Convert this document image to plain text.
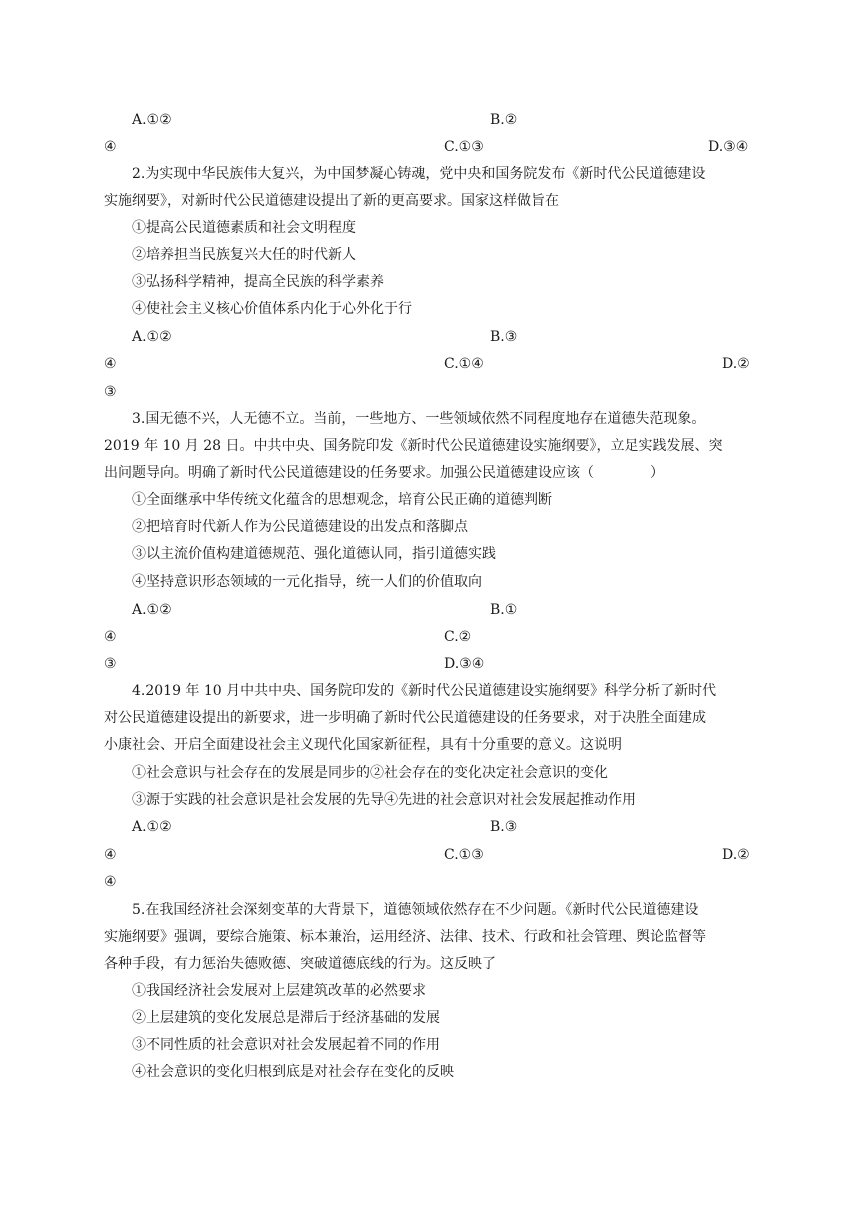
A.①②	B.②
④	C.①③	D.③④
2.为实现中华民族伟大复兴，为中国梦凝心铸魂，党中央和国务院发布《新时代公民道德建设
实施纲要》，对新时代公民道德建设提出了新的更高要求。国家这样做旨在
①提高公民道德素质和社会文明程度
②培养担当民族复兴大任的时代新人
③弘扬科学精神，提高全民族的科学素养
④使社会主义核心价值体系内化于心外化于行
A.①②	B.③
④	C.①④	D.②
③
3.国无德不兴，人无德不立。当前，一些地方、一些领域依然不同程度地存在道德失范现象。
2019 年 10 月 28 日。中共中央、国务院印发《新时代公民道德建设实施纲要》，立足实践发展、突
出问题导向。明确了新时代公民道德建设的任务要求。加强公民道德建设应该（　　　　）
①全面继承中华传统文化蕴含的思想观念，培育公民正确的道德判断
②把培育时代新人作为公民道德建设的出发点和落脚点
③以主流价值构建道德规范、强化道德认同，指引道德实践
④坚持意识形态领域的一元化指导，统一人们的价值取向
A.①②	B.①
④	C.②
③	D.③④
4.2019 年 10 月中共中央、国务院印发的《新时代公民道德建设实施纲要》科学分析了新时代
对公民道德建设提出的新要求，进一步明确了新时代公民道德建设的任务要求，对于决胜全面建成
小康社会、开启全面建设社会主义现代化国家新征程，具有十分重要的意义。这说明
①社会意识与社会存在的发展是同步的②社会存在的变化决定社会意识的变化
③源于实践的社会意识是社会发展的先导④先进的社会意识对社会发展起推动作用
A.①②	B.③
④	C.①③	D.②
④
5.在我国经济社会深刻变革的大背景下，道德领域依然存在不少问题。《新时代公民道德建设
实施纲要》强调，要综合施策、标本兼治，运用经济、法律、技术、行政和社会管理、舆论监督等
各种手段，有力惩治失德败德、突破道德底线的行为。这反映了
①我国经济社会发展对上层建筑改革的必然要求
②上层建筑的变化发展总是滞后于经济基础的发展
③不同性质的社会意识对社会发展起着不同的作用
④社会意识的变化归根到底是对社会存在变化的反映
